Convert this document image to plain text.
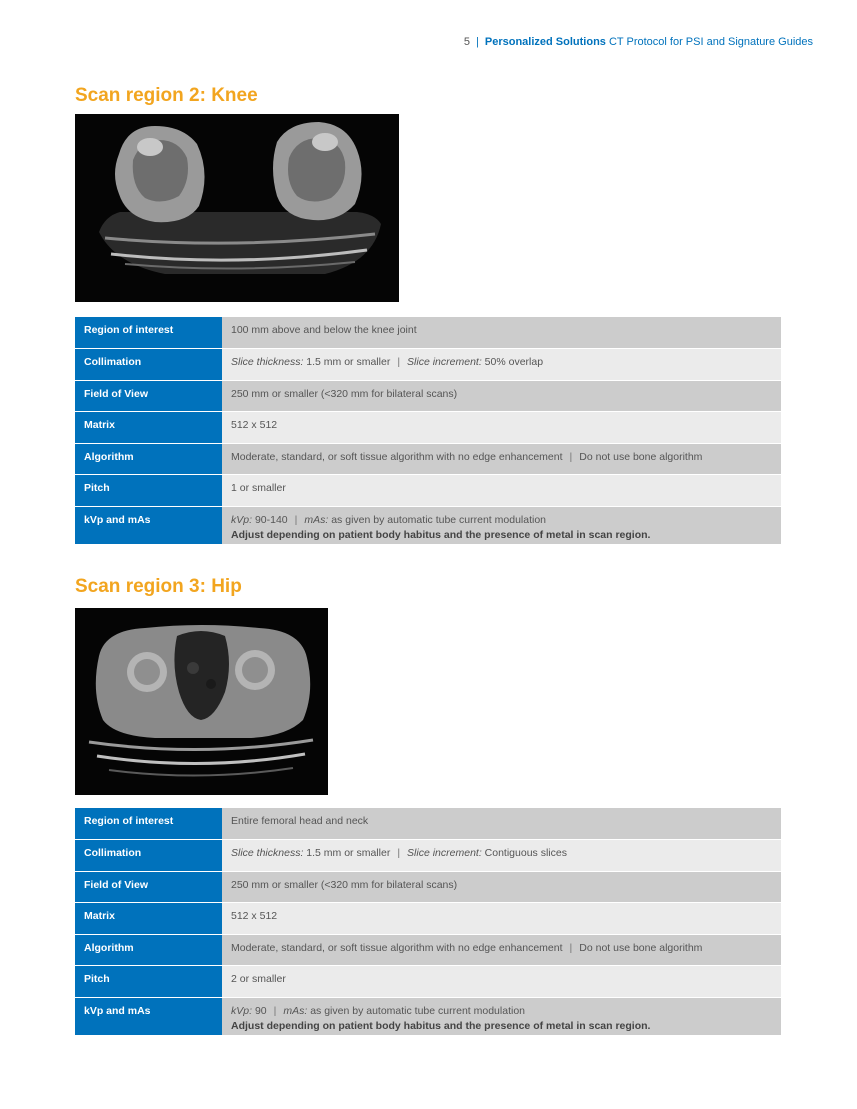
5 | Personalized Solutions CT Protocol for PSI and Signature Guides
Scan region 2: Knee
Region of interest	100 mm above and below the knee joint
Collimation	Slice thickness: 1.5 mm or smaller | Slice increment: 50% overlap
Field of View	250 mm or smaller (<320 mm for bilateral scans)
Matrix	512 x 512
Algorithm	Moderate, standard, or soft tissue algorithm with no edge enhancement | Do not use bone algorithm
Pitch	1 or smaller
kVp and mAs	kVp: 90-140 | mAs: as given by automatic tube current modulation
Adjust depending on patient body habitus and the presence of metal in scan region.
Scan region 3: Hip
Region of interest	Entire femoral head and neck
Collimation	Slice thickness: 1.5 mm or smaller | Slice increment: Contiguous slices
Field of View	250 mm or smaller (<320 mm for bilateral scans)
Matrix	512 x 512
Algorithm	Moderate, standard, or soft tissue algorithm with no edge enhancement | Do not use bone algorithm
Pitch	2 or smaller
kVp and mAs	kVp: 90 | mAs: as given by automatic tube current modulation
Adjust depending on patient body habitus and the presence of metal in scan region.
